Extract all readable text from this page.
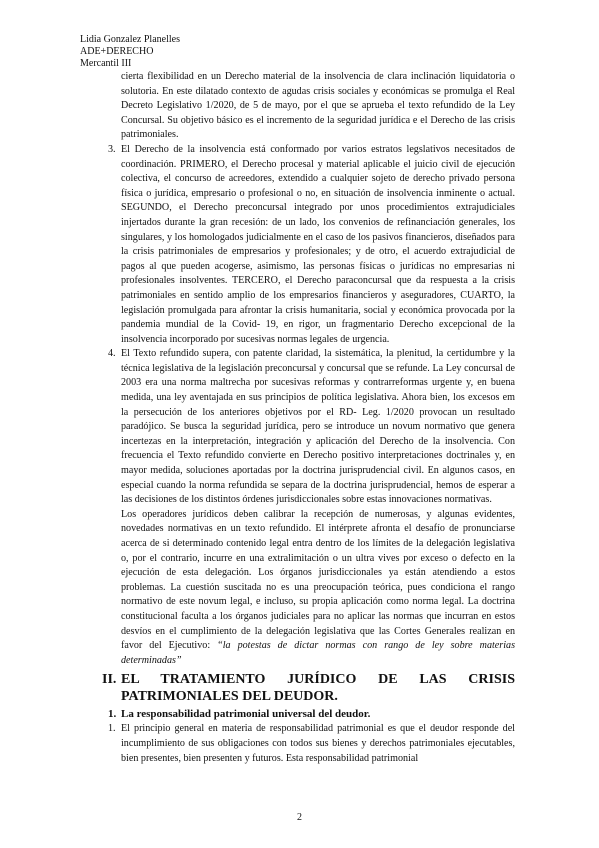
Lidia Gonzalez Planelles
ADE+DERECHO
Mercantil III
cierta flexibilidad en un Derecho material de la insolvencia de clara inclinación liquidatoria o solutoria. En este dilatado contexto de agudas crisis sociales y económicas se promulga el Real Decreto Legislativo 1/2020, de 5 de mayo, por el que se aprueba el texto refundido de la Ley Concursal. Su objetivo básico es el incremento de la seguridad jurídica e el Derecho de las crisis patrimoniales.
3. El Derecho de la insolvencia está conformado por varios estratos legslativos necesitados de coordinación. PRIMERO, el Derecho procesal y material aplicable el juicio civil de ejecución colectiva, el concurso de acreedores, extendido a cualquier sojeto de derecho privado persona física o jurídica, empresario o profesional o no, en situación de insolvencia inminente o actual. SEGUNDO, el Derecho preconcursal integrado por unos procedimientos extrajudiciales injertados durante la gran recesión: de un lado, los convenios de refinanciación generales, los singulares, y los homologados judicialmente en el caso de los pasivos financieros, diseñados para la crisis patrimoniales de empresarios y profesionales; y de otro, el acuerdo extrajudicial de pagos al que pueden acogerse, asimismo, las personas físicas o jurídicas no empresarias ni profesionales insolventes. TERCERO, el Derecho paraconcursal que da respuesta a la crisis patrimoniales en sentido amplio de los empresarios financieros y aseguradores, CUARTO, la legislación promulgada para afrontar la crisis humanitaria, social y económica provocada por la pandemia mundial de la Covid- 19, en rigor, un fragmentario Derecho excepcional de la insolvencia incorporado por sucesivas normas legales de urgencia.
4. El Texto refundido supera, con patente claridad, la sistemática, la plenitud, la certidumbre y la técnica legislativa de la legislación preconcursal y concursal que se refunde. La Ley concursal de 2003 era una norma maltrecha por sucesivas reformas y contrarreformas urgente y, en buena medida, una ley aventajada en sus principios de política legislativa. Ahora bien, los excesos em la persecución de los anteriores objetivos por el RD- Leg. 1/2020 provocan un resultado paradójico. Se busca la seguridad jurídica, pero se introduce un novum normativo que genera incertezas en la interpretación, integración y aplicación del Derecho de la insolvencia. Con frecuencia el Texto refundido convierte en Derecho positivo interpretaciones doctrinales y, en mayor medida, soluciones aportadas por la doctrina jurisprudencial civil. En algunos casos, en especial cuando la norma refundida se separa de la doctrina jurisprudencial, hemos de esperar a las decisiones de los distintos órdenes jurisdiccionales sobre estas innovaciones normativas.
Los operadores jurídicos deben calibrar la recepción de numerosas, y algunas evidentes, novedades normativas en un texto refundido. El intérprete afronta el desafío de pronunciarse acerca de si determinado contenido legal entra dentro de los límites de la delegación legislativa o, por el contrario, incurre en una extralimitación o un ultra vives por exceso o defecto en la ejecución de esta delegación. Los órganos jurisdiccionales ya están atendiendo a estos problemas. La cuestión suscitada no es una preocupación teórica, pues condiciona el rango normativo de este novum legal, e incluso, su propia aplicación como norma legal. La doctrina constitucional faculta a los órganos judiciales para no aplicar las normas que incurran en estos desvíos en el cumplimiento de la delegación legislativa que las Cortes Generales realizan en favor del Ejecutivo: “la potestas de dictar normas con rango de ley sobre materias determinadas”
II. EL TRATAMIENTO JURÍDICO DE LAS CRISIS PATRIMONIALES DEL DEUDOR.
1. La responsabilidad patrimonial universal del deudor.
1. El principio general en materia de responsabilidad patrimonial es que el deudor responde del incumplimiento de sus obligaciones con todos sus bienes y derechos patrimoniales ejecutables, bien presentes, bien presenten y futuros. Esta responsabilidad patrimonial
2
